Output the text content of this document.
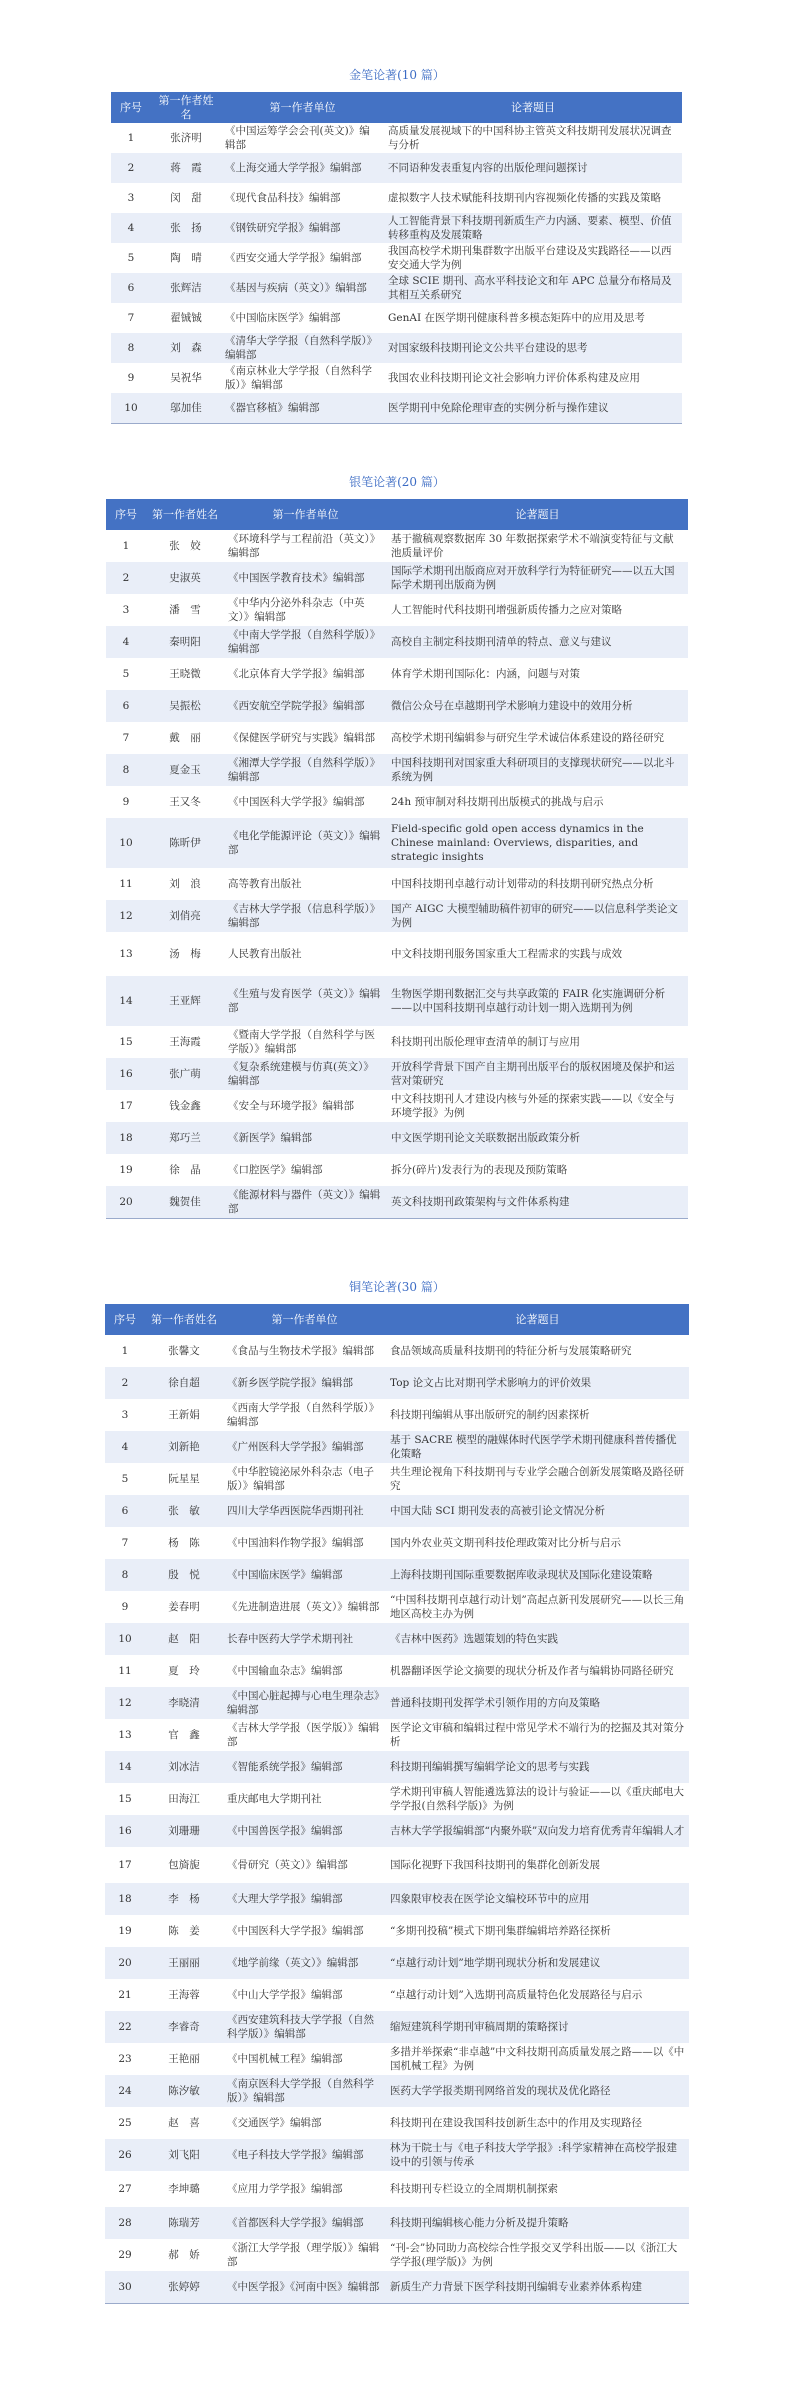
金笔论著(10 篇）
序号	第一作者姓名	第一作者单位	论著题目
1	张济明	《中国运筹学会会刊(英文)》编辑部	高质量发展视域下的中国科协主管英文科技期刊发展状况调查与分析
2	蒋　霞	《上海交通大学学报》编辑部	不同语种发表重复内容的出版伦理问题探讨
3	闵　甜	《现代食品科技》编辑部	虚拟数字人技术赋能科技期刊内容视频化传播的实践及策略
4	张　扬	《钢铁研究学报》编辑部	人工智能背景下科技期刊新质生产力内涵、要素、模型、价值转移重构及发展策略
5	陶　晴	《西安交通大学学报》编辑部	我国高校学术期刊集群数字出版平台建设及实践路径——以西安交通大学为例
6	张辉洁	《基因与疾病（英文）》编辑部	全球 SCIE 期刊、高水平科技论文和年 APC 总量分布格局及其相互关系研究
7	翟铖铖	《中国临床医学》编辑部	GenAI 在医学期刊健康科普多模态矩阵中的应用及思考
8	刘　森	《清华大学学报（自然科学版）》编辑部	对国家级科技期刊论文公共平台建设的思考
9	吴祝华	《南京林业大学学报（自然科学版）》编辑部	我国农业科技期刊论文社会影响力评价体系构建及应用
10	邬加佳	《器官移植》编辑部	医学期刊中免除伦理审查的实例分析与操作建议
银笔论著(20 篇）
序号	第一作者姓名	第一作者单位	论著题目
1	张　姣	《环境科学与工程前沿（英文）》编辑部	基于撤稿观察数据库 30 年数据探索学术不端演变特征与文献池质量评价
2	史淑英	《中国医学教育技术》编辑部	国际学术期刊出版商应对开放科学行为特征研究——以五大国际学术期刊出版商为例
3	潘　雪	《中华内分泌外科杂志（中英文）》编辑部	人工智能时代科技期刊增强新质传播力之应对策略
4	秦明阳	《中南大学学报（自然科学版）》编辑部	高校自主制定科技期刊清单的特点、意义与建议
5	王晓微	《北京体育大学学报》编辑部	体育学术期刊国际化：内涵，问题与对策
6	吴振松	《西安航空学院学报》编辑部	微信公众号在卓越期刊学术影响力建设中的效用分析
7	戴　丽	《保健医学研究与实践》编辑部	高校学术期刊编辑参与研究生学术诚信体系建设的路径研究
8	夏金玉	《湘潭大学学报（自然科学版）》编辑部	中国科技期刊对国家重大科研项目的支撑现状研究——以北斗系统为例
9	王又冬	《中国医科大学学报》编辑部	24h 预审制对科技期刊出版模式的挑战与启示
10	陈昕伊	《电化学能源评论（英文）》编辑部	Field-specific gold open access dynamics in the Chinese mainland: Overviews, disparities, and strategic insights
11	刘　浪	高等教育出版社	中国科技期刊卓越行动计划带动的科技期刊研究热点分析
12	刘俏亮	《吉林大学学报（信息科学版）》编辑部	国产 AIGC 大模型辅助稿件初审的研究——以信息科学类论文为例
13	汤　梅	人民教育出版社	中文科技期刊服务国家重大工程需求的实践与成效
14	王亚辉	《生殖与发育医学（英文）》编辑部	生物医学期刊数据汇交与共享政策的 FAIR 化实施调研分析——以中国科技期刊卓越行动计划一期入选期刊为例
15	王海霞	《暨南大学学报（自然科学与医学版）》编辑部	科技期刊出版伦理审查清单的制订与应用
16	张广萌	《复杂系统建模与仿真(英文）》编辑部	开放科学背景下国产自主期刊出版平台的版权困境及保护和运营对策研究
17	钱金鑫	《安全与环境学报》编辑部	中文科技期刊人才建设内核与外延的探索实践——以《安全与环境学报》为例
18	郑巧兰	《新医学》编辑部	中文医学期刊论文关联数据出版政策分析
19	徐　晶	《口腔医学》编辑部	拆分(碎片)发表行为的表现及预防策略
20	魏贺佳	《能源材料与器件（英文）》编辑部	英文科技期刊政策架构与文件体系构建
铜笔论著(30 篇）
序号	第一作者姓名	第一作者单位	论著题目
1	张馨文	《食品与生物技术学报》编辑部	食品领域高质量科技期刊的特征分析与发展策略研究
2	徐自超	《新乡医学院学报》编辑部	Top 论文占比对期刊学术影响力的评价效果
3	王新娟	《西南大学学报（自然科学版）》编辑部	科技期刊编辑从事出版研究的制约因素探析
4	刘新艳	《广州医科大学学报》编辑部	基于 SACRE 模型的融媒体时代医学学术期刊健康科普传播优化策略
5	阮星星	《中华腔镜泌尿外科杂志（电子版）》编辑部	共生理论视角下科技期刊与专业学会融合创新发展策略及路径研究
6	张　敏	四川大学华西医院华西期刊社	中国大陆 SCI 期刊发表的高被引论文情况分析
7	杨　陈	《中国油料作物学报》编辑部	国内外农业英文期刊科技伦理政策对比分析与启示
8	殷　悦	《中国临床医学》编辑部	上海科技期刊国际重要数据库收录现状及国际化建设策略
9	姜春明	《先进制造进展（英文）》编辑部	“中国科技期刊卓越行动计划”高起点新刊发展研究——以长三角地区高校主办为例
10	赵　阳	长春中医药大学学术期刊社	《吉林中医药》选题策划的特色实践
11	夏　玲	《中国输血杂志》编辑部	机器翻译医学论文摘要的现状分析及作者与编辑协同路径研究
12	李晓清	《中国心脏起搏与心电生理杂志》编辑部	普通科技期刊发挥学术引领作用的方向及策略
13	官　鑫	《吉林大学学报（医学版）》编辑部	医学论文审稿和编辑过程中常见学术不端行为的挖掘及其对策分析
14	刘冰洁	《智能系统学报》编辑部	科技期刊编辑撰写编辑学论文的思考与实践
15	田海江	重庆邮电大学期刊社	学术期刊审稿人智能遴选算法的设计与验证——以《重庆邮电大学学报(自然科学版)》为例
16	刘珊珊	《中国兽医学报》编辑部	吉林大学学报编辑部“内聚外联”双向发力培育优秀青年编辑人才
17	包旖旎	《骨研究（英文）》编辑部	国际化视野下我国科技期刊的集群化创新发展
18	李　杨	《大理大学学报》编辑部	四象限审校表在医学论文编校环节中的应用
19	陈　姜	《中国医科大学学报》编辑部	“多期刊投稿”模式下期刊集群编辑培养路径探析
20	王丽丽	《地学前缘（英文）》编辑部	“卓越行动计划”地学期刊现状分析和发展建议
21	王海蓉	《中山大学学报》编辑部	“卓越行动计划”入选期刊高质量特色化发展路径与启示
22	李睿奇	《西安建筑科技大学学报（自然科学版）》编辑部	缩短建筑科学期刊审稿周期的策略探讨
23	王艳丽	《中国机械工程》编辑部	多措并举探索“非卓越”中文科技期刊高质量发展之路——以《中国机械工程》为例
24	陈汐敏	《南京医科大学学报（自然科学版）》编辑部	医药大学学报类期刊网络首发的现状及优化路径
25	赵　喜	《交通医学》编辑部	科技期刊在建设我国科技创新生态中的作用及实现路径
26	刘飞阳	《电子科技大学学报》编辑部	林为干院士与《电子科技大学学报》:科学家精神在高校学报建设中的引领与传承
27	李坤璐	《应用力学学报》编辑部	科技期刊专栏设立的全周期机制探索
28	陈瑞芳	《首都医科大学学报》编辑部	科技期刊编辑核心能力分析及提升策略
29	郝　娇	《浙江大学学报（理学版）》编辑部	“刊-会”协同助力高校综合性学报交叉学科出版——以《浙江大学学报(理学版)》为例
30	张婷婷	《中医学报》《河南中医》编辑部	新质生产力背景下医学科技期刊编辑专业素养体系构建
